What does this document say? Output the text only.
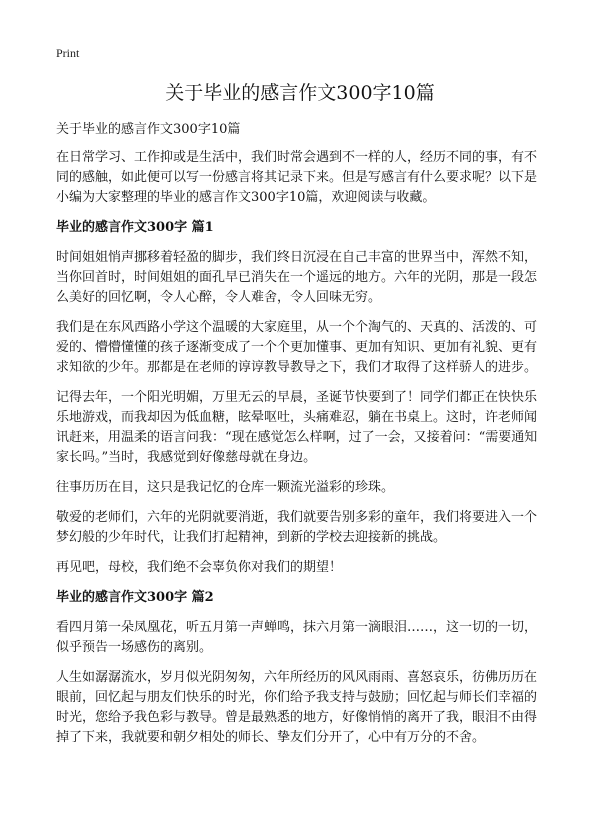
Print
关于毕业的感言作文300字10篇

关于毕业的感言作文300字10篇

在日常学习、工作抑或是生活中，我们时常会遇到不一样的人，经历不同的事，有不同的感触，如此便可以写一份感言将其记录下来。但是写感言有什么要求呢？以下是小编为大家整理的毕业的感言作文300字10篇，欢迎阅读与收藏。

毕业的感言作文300字 篇1

时间姐姐悄声挪移着轻盈的脚步，我们终日沉浸在自己丰富的世界当中，浑然不知，当你回首时，时间姐姐的面孔早已消失在一个遥远的地方。六年的光阴，那是一段怎么美好的回忆啊，令人心醉，令人难舍，令人回味无穷。

我们是在东风西路小学这个温暖的大家庭里，从一个个淘气的、天真的、活泼的、可爱的、懵懵懂懂的孩子逐渐变成了一个个更加懂事、更加有知识、更加有礼貌、更有求知欲的少年。那都是在老师的谆谆教导教导之下，我们才取得了这样骄人的进步。

记得去年，一个阳光明媚，万里无云的早晨，圣诞节快要到了！同学们都正在快快乐乐地游戏，而我却因为低血糖，眩晕呕吐，头痛难忍，躺在书桌上。这时，许老师闻讯赶来，用温柔的语言问我：“现在感觉怎么样啊，过了一会，又接着问：“需要通知家长吗。”当时，我感觉到好像慈母就在身边。

往事历历在目，这只是我记忆的仓库一颗流光溢彩的珍珠。

敬爱的老师们，六年的光阴就要消逝，我们就要告别多彩的童年，我们将要进入一个梦幻般的少年时代，让我们打起精神，到新的学校去迎接新的挑战。

再见吧，母校，我们绝不会辜负你对我们的期望！

毕业的感言作文300字 篇2

看四月第一朵凤凰花，听五月第一声蝉鸣，抹六月第一滴眼泪……，这一切的一切，似乎预告一场感伤的离别。

人生如潺潺流水，岁月似光阴匆匆，六年所经历的风风雨雨、喜怒哀乐，彷佛历历在眼前，回忆起与朋友们快乐的时光，你们给予我支持与鼓励；回忆起与师长们幸福的时光，您给予我色彩与教导。曾是最熟悉的地方，好像悄悄的离开了我，眼泪不由得掉了下来，我就要和朝夕相处的师长、挚友们分开了，心中有万分的不舍。
